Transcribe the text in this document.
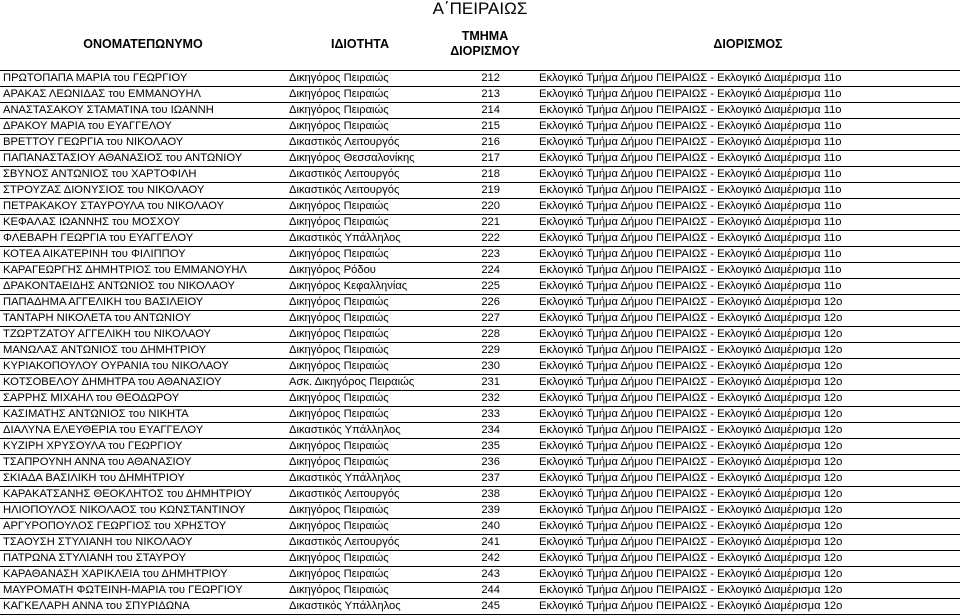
Α΄ΠΕΙΡΑΙΩΣ
ΟΝΟΜΑΤΕΠΩΝΥΜΟ	ΙΔΙΟΤΗΤΑ	ΤΜΗΜΑ ΔΙΟΡΙΣΜΟΥ	ΔΙΟΡΙΣΜΟΣ
ΠΡΩΤΟΠΑΠΑ ΜΑΡΙΑ του ΓΕΩΡΓΙΟΥ	Δικηγόρος Πειραιώς	212	Εκλογικό Τμήμα Δήμου ΠΕΙΡΑΙΩΣ - Εκλογικό Διαμέρισμα 11ο
ΑΡΑΚΑΣ ΛΕΩΝΙΔΑΣ του ΕΜΜΑΝΟΥΗΛ	Δικηγόρος Πειραιώς	213	Εκλογικό Τμήμα Δήμου ΠΕΙΡΑΙΩΣ - Εκλογικό Διαμέρισμα 11ο
ΑΝΑΣΤΑΣΑΚΟΥ ΣΤΑΜΑΤΙΝΑ του ΙΩΑΝΝΗ	Δικηγόρος Πειραιώς	214	Εκλογικό Τμήμα Δήμου ΠΕΙΡΑΙΩΣ - Εκλογικό Διαμέρισμα 11ο
ΔΡΑΚΟΥ ΜΑΡΙΑ του ΕΥΑΓΓΕΛΟΥ	Δικηγόρος Πειραιώς	215	Εκλογικό Τμήμα Δήμου ΠΕΙΡΑΙΩΣ - Εκλογικό Διαμέρισμα 11ο
ΒΡΕΤΤΟΥ ΓΕΩΡΓΙΑ του ΝΙΚΟΛΑΟΥ	Δικαστικός Λειτουργός	216	Εκλογικό Τμήμα Δήμου ΠΕΙΡΑΙΩΣ - Εκλογικό Διαμέρισμα 11ο
ΠΑΠΑΝΑΣΤΑΣΙΟΥ ΑΘΑΝΑΣΙΟΣ του ΑΝΤΩΝΙΟΥ	Δικηγόρος Θεσσαλονίκης	217	Εκλογικό Τμήμα Δήμου ΠΕΙΡΑΙΩΣ - Εκλογικό Διαμέρισμα 11ο
ΣΒΥΝΟΣ ΑΝΤΩΝΙΟΣ του ΧΑΡΤΟΦΙΛΗ	Δικαστικός Λειτουργός	218	Εκλογικό Τμήμα Δήμου ΠΕΙΡΑΙΩΣ - Εκλογικό Διαμέρισμα 11ο
ΣΤΡΟΥΖΑΣ ΔΙΟΝΥΣΙΟΣ του ΝΙΚΟΛΑΟΥ	Δικαστικός Λειτουργός	219	Εκλογικό Τμήμα Δήμου ΠΕΙΡΑΙΩΣ - Εκλογικό Διαμέρισμα 11ο
ΠΕΤΡΑΚΑΚΟΥ ΣΤΑΥΡΟΥΛΑ του ΝΙΚΟΛΑΟΥ	Δικηγόρος Πειραιώς	220	Εκλογικό Τμήμα Δήμου ΠΕΙΡΑΙΩΣ - Εκλογικό Διαμέρισμα 11ο
ΚΕΦΑΛΑΣ ΙΩΑΝΝΗΣ του ΜΟΣΧΟΥ	Δικηγόρος Πειραιώς	221	Εκλογικό Τμήμα Δήμου ΠΕΙΡΑΙΩΣ - Εκλογικό Διαμέρισμα 11ο
ΦΛΕΒΑΡΗ ΓΕΩΡΓΙΑ του ΕΥΑΓΓΕΛΟΥ	Δικαστικός Υπάλληλος	222	Εκλογικό Τμήμα Δήμου ΠΕΙΡΑΙΩΣ - Εκλογικό Διαμέρισμα 11ο
ΚΟΤΕΑ ΑΙΚΑΤΕΡΙΝΗ του ΦΙΛΙΠΠΟΥ	Δικηγόρος Πειραιώς	223	Εκλογικό Τμήμα Δήμου ΠΕΙΡΑΙΩΣ - Εκλογικό Διαμέρισμα 11ο
ΚΑΡΑΓΕΩΡΓΗΣ ΔΗΜΗΤΡΙΟΣ του ΕΜΜΑΝΟΥΗΛ	Δικηγόρος Ρόδου	224	Εκλογικό Τμήμα Δήμου ΠΕΙΡΑΙΩΣ - Εκλογικό Διαμέρισμα 11ο
ΔΡΑΚΟΝΤΑΕΙΔΗΣ ΑΝΤΩΝΙΟΣ του ΝΙΚΟΛΑΟΥ	Δικηγόρος Κεφαλληνίας	225	Εκλογικό Τμήμα Δήμου ΠΕΙΡΑΙΩΣ - Εκλογικό Διαμέρισμα 11ο
ΠΑΠΑΔΗΜΑ ΑΓΓΕΛΙΚΗ του ΒΑΣΙΛΕΙΟΥ	Δικηγόρος Πειραιώς	226	Εκλογικό Τμήμα Δήμου ΠΕΙΡΑΙΩΣ - Εκλογικό Διαμέρισμα 12ο
ΤΑΝΤΑΡΗ ΝΙΚΟΛΕΤΑ του ΑΝΤΩΝΙΟΥ	Δικηγόρος Πειραιώς	227	Εκλογικό Τμήμα Δήμου ΠΕΙΡΑΙΩΣ - Εκλογικό Διαμέρισμα 12ο
ΤΖΩΡΤΖΑΤΟΥ ΑΓΓΕΛΙΚΗ του ΝΙΚΟΛΑΟΥ	Δικηγόρος Πειραιώς	228	Εκλογικό Τμήμα Δήμου ΠΕΙΡΑΙΩΣ - Εκλογικό Διαμέρισμα 12ο
ΜΑΝΩΛΑΣ ΑΝΤΩΝΙΟΣ του ΔΗΜΗΤΡΙΟΥ	Δικηγόρος Πειραιώς	229	Εκλογικό Τμήμα Δήμου ΠΕΙΡΑΙΩΣ - Εκλογικό Διαμέρισμα 12ο
ΚΥΡΙΑΚΟΠΟΥΛΟΥ ΟΥΡΑΝΙΑ του ΝΙΚΟΛΑΟΥ	Δικηγόρος Πειραιώς	230	Εκλογικό Τμήμα Δήμου ΠΕΙΡΑΙΩΣ - Εκλογικό Διαμέρισμα 12ο
ΚΟΤΣΟΒΕΛΟΥ ΔΗΜΗΤΡΑ του ΑΘΑΝΑΣΙΟΥ	Ασκ. Δικηγόρος Πειραιώς	231	Εκλογικό Τμήμα Δήμου ΠΕΙΡΑΙΩΣ - Εκλογικό Διαμέρισμα 12ο
ΣΑΡΡΗΣ ΜΙΧΑΗΛ του ΘΕΟΔΩΡΟΥ	Δικηγόρος Πειραιώς	232	Εκλογικό Τμήμα Δήμου ΠΕΙΡΑΙΩΣ - Εκλογικό Διαμέρισμα 12ο
ΚΑΣΙΜΑΤΗΣ ΑΝΤΩΝΙΟΣ του ΝΙΚΗΤΑ	Δικηγόρος Πειραιώς	233	Εκλογικό Τμήμα Δήμου ΠΕΙΡΑΙΩΣ - Εκλογικό Διαμέρισμα 12ο
ΔΙΑΛΥΝΑ ΕΛΕΥΘΕΡΙΑ του ΕΥΑΓΓΕΛΟΥ	Δικαστικός Υπάλληλος	234	Εκλογικό Τμήμα Δήμου ΠΕΙΡΑΙΩΣ - Εκλογικό Διαμέρισμα 12ο
ΚΥΖΙΡΗ ΧΡΥΣΟΥΛΑ του ΓΕΩΡΓΙΟΥ	Δικηγόρος Πειραιώς	235	Εκλογικό Τμήμα Δήμου ΠΕΙΡΑΙΩΣ - Εκλογικό Διαμέρισμα 12ο
ΤΣΑΠΡΟΥΝΗ ΑΝΝΑ του ΑΘΑΝΑΣΙΟΥ	Δικηγόρος Πειραιώς	236	Εκλογικό Τμήμα Δήμου ΠΕΙΡΑΙΩΣ - Εκλογικό Διαμέρισμα 12ο
ΣΚΙΑΔΑ ΒΑΣΙΛΙΚΗ του ΔΗΜΗΤΡΙΟΥ	Δικαστικός Υπάλληλος	237	Εκλογικό Τμήμα Δήμου ΠΕΙΡΑΙΩΣ - Εκλογικό Διαμέρισμα 12ο
ΚΑΡΑΚΑΤΣΑΝΗΣ ΘΕΟΚΛΗΤΟΣ του ΔΗΜΗΤΡΙΟΥ	Δικαστικός Λειτουργός	238	Εκλογικό Τμήμα Δήμου ΠΕΙΡΑΙΩΣ - Εκλογικό Διαμέρισμα 12ο
ΗΛΙΟΠΟΥΛΟΣ ΝΙΚΟΛΑΟΣ του ΚΩΝΣΤΑΝΤΙΝΟΥ	Δικηγόρος Πειραιώς	239	Εκλογικό Τμήμα Δήμου ΠΕΙΡΑΙΩΣ - Εκλογικό Διαμέρισμα 12ο
ΑΡΓΥΡΟΠΟΥΛΟΣ ΓΕΩΡΓΙΟΣ του ΧΡΗΣΤΟΥ	Δικηγόρος Πειραιώς	240	Εκλογικό Τμήμα Δήμου ΠΕΙΡΑΙΩΣ - Εκλογικό Διαμέρισμα 12ο
ΤΣΑΟΥΣΗ ΣΤΥΛΙΑΝΗ του ΝΙΚΟΛΑΟΥ	Δικαστικός Λειτουργός	241	Εκλογικό Τμήμα Δήμου ΠΕΙΡΑΙΩΣ - Εκλογικό Διαμέρισμα 12ο
ΠΑΤΡΩΝΑ ΣΤΥΛΙΑΝΗ του ΣΤΑΥΡΟΥ	Δικηγόρος Πειραιώς	242	Εκλογικό Τμήμα Δήμου ΠΕΙΡΑΙΩΣ - Εκλογικό Διαμέρισμα 12ο
ΚΑΡΑΘΑΝΑΣΗ ΧΑΡΙΚΛΕΙΑ του ΔΗΜΗΤΡΙΟΥ	Δικηγόρος Πειραιώς	243	Εκλογικό Τμήμα Δήμου ΠΕΙΡΑΙΩΣ - Εκλογικό Διαμέρισμα 12ο
ΜΑΥΡΟΜΑΤΗ ΦΩΤΕΙΝΗ-ΜΑΡΙΑ του ΓΕΩΡΓΙΟΥ	Δικηγόρος Πειραιώς	244	Εκλογικό Τμήμα Δήμου ΠΕΙΡΑΙΩΣ - Εκλογικό Διαμέρισμα 12ο
ΚΑΓΚΕΛΑΡΗ ΑΝΝΑ του ΣΠΥΡΙΔΩΝΑ	Δικαστικός Υπάλληλος	245	Εκλογικό Τμήμα Δήμου ΠΕΙΡΑΙΩΣ - Εκλογικό Διαμέρισμα 12ο
